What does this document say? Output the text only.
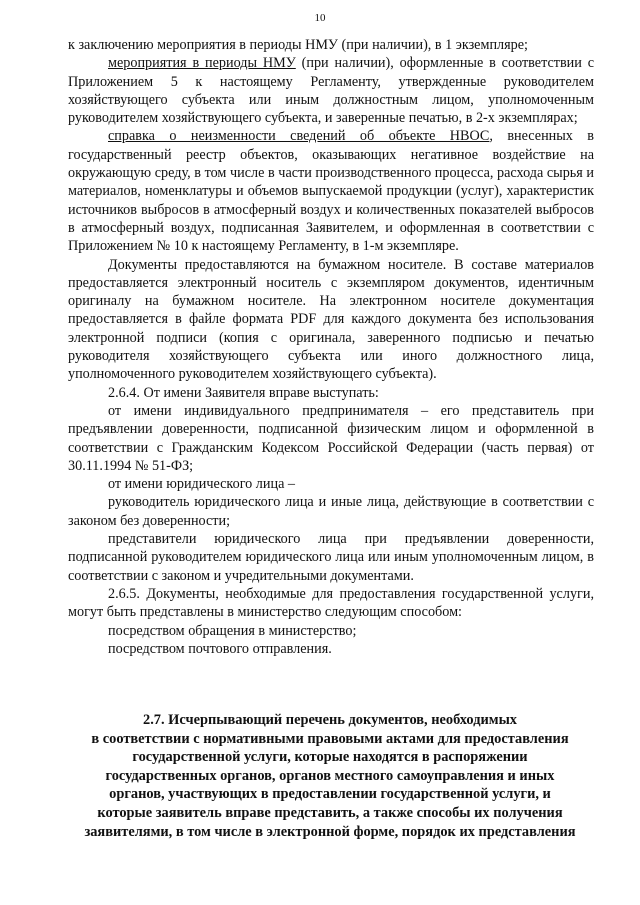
10

к заключению мероприятия в периоды НМУ (при наличии), в 1 экземпляре;

мероприятия в периоды НМУ (при наличии), оформленные в соответствии с Приложением 5 к настоящему Регламенту, утвержденные руководителем хозяйствующего субъекта или иным должностным лицом, уполномоченным руководителем хозяйствующего субъекта, и заверенные печатью, в 2-х экземплярах;

справка о неизменности сведений об объекте НВОС, внесенных в государственный реестр объектов, оказывающих негативное воздействие на окружающую среду, в том числе в части производственного процесса, расхода сырья и материалов, номенклатуры и объемов выпускаемой продукции (услуг), характеристик источников выбросов в атмосферный воздух и количественных показателей выбросов в атмосферный воздух, подписанная Заявителем, и оформленная в соответствии с Приложением № 10 к настоящему Регламенту, в 1-м экземпляре.

Документы предоставляются на бумажном носителе. В составе материалов предоставляется электронный носитель с экземпляром документов, идентичным оригиналу на бумажном носителе. На электронном носителе документация предоставляется в файле формата PDF для каждого документа без использования электронной подписи (копия с оригинала, заверенного подписью и печатью руководителя хозяйствующего субъекта или иного должностного лица, уполномоченного руководителем хозяйствующего субъекта).

2.6.4. От имени Заявителя вправе выступать:

от имени индивидуального предпринимателя – его представитель при предъявлении доверенности, подписанной физическим лицом и оформленной в соответствии с Гражданским Кодексом Российской Федерации (часть первая) от 30.11.1994 № 51-ФЗ;

от имени юридического лица –

руководитель юридического лица и иные лица, действующие в соответствии с законом без доверенности;

представители юридического лица при предъявлении доверенности, подписанной руководителем юридического лица или иным уполномоченным лицом, в соответствии с законом и учредительными документами.

2.6.5. Документы, необходимые для предоставления государственной услуги, могут быть представлены в министерство следующим способом:

посредством обращения в министерство;

посредством почтового отправления.

2.7. Исчерпывающий перечень документов, необходимых
в соответствии с нормативными правовыми актами для предоставления
государственной услуги, которые находятся в распоряжении
государственных органов, органов местного самоуправления и иных
органов, участвующих в предоставлении государственной услуги, и
которые заявитель вправе представить, а также способы их получения
заявителями, в том числе в электронной форме, порядок их представления
